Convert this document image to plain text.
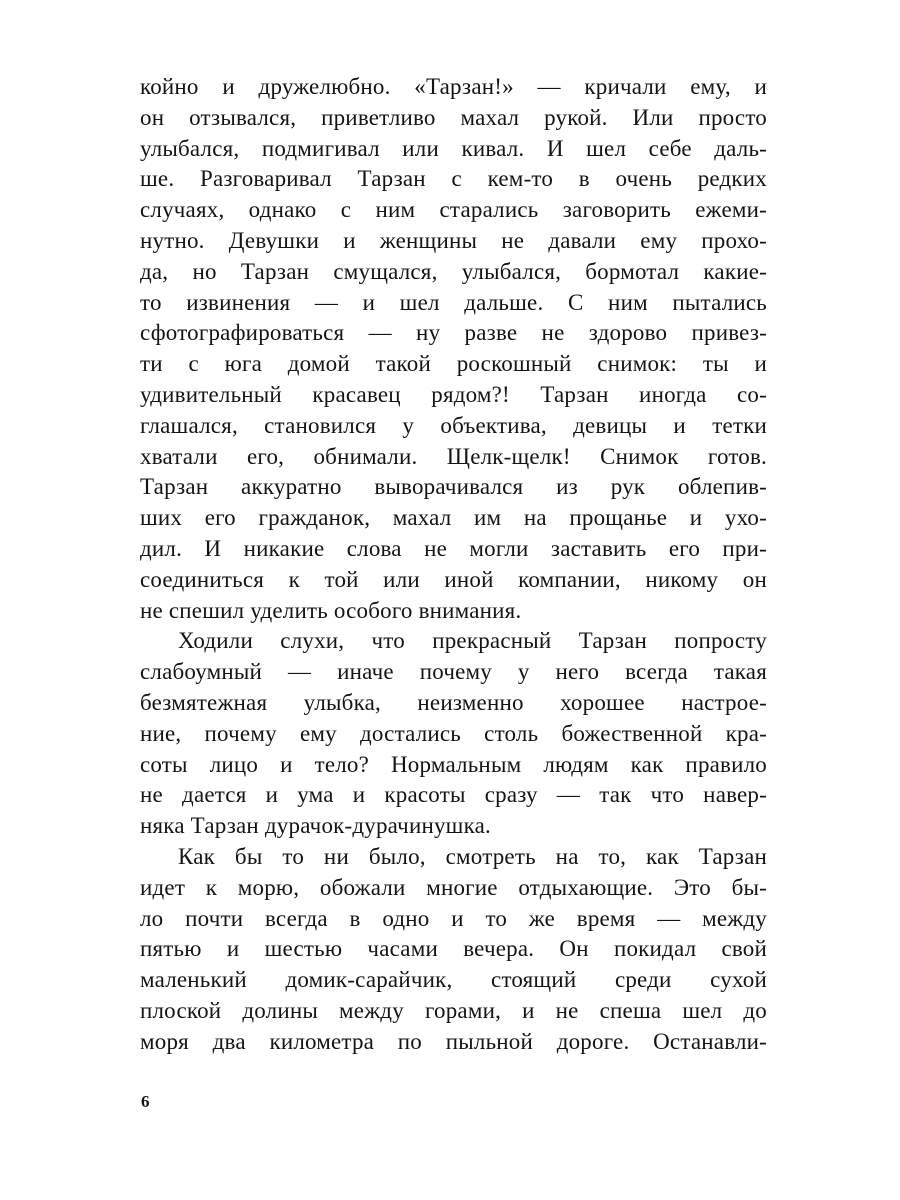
койно и дружелюбно. «Тарзан!» — кричали ему, и
он отзывался, приветливо махал рукой. Или просто
улыбался, подмигивал или кивал. И шел себе даль-
ше. Разговаривал Тарзан с кем-то в очень редких
случаях, однако с ним старались заговорить ежеми-
нутно. Девушки и женщины не давали ему прохо-
да, но Тарзан смущался, улыбался, бормотал какие-
то извинения — и шел дальше. С ним пытались
сфотографироваться — ну разве не здорово привез-
ти с юга домой такой роскошный снимок: ты и
удивительный красавец рядом?! Тарзан иногда со-
глашался, становился у объектива, девицы и тетки
хватали его, обнимали. Щелк-щелк! Снимок готов.
Тарзан аккуратно выворачивался из рук облепив-
ших его гражданок, махал им на прощанье и ухо-
дил. И никакие слова не могли заставить его при-
соединиться к той или иной компании, никому он
не спешил уделить особого внимания.
Ходили слухи, что прекрасный Тарзан попросту
слабоумный — иначе почему у него всегда такая
безмятежная улыбка, неизменно хорошее настрое-
ние, почему ему достались столь божественной кра-
соты лицо и тело? Нормальным людям как правило
не дается и ума и красоты сразу — так что навер-
няка Тарзан дурачок-дурачинушка.
Как бы то ни было, смотреть на то, как Тарзан
идет к морю, обожали многие отдыхающие. Это бы-
ло почти всегда в одно и то же время — между
пятью и шестью часами вечера. Он покидал свой
маленький домик-сарайчик, стоящий среди сухой
плоской долины между горами, и не спеша шел до
моря два километра по пыльной дороге. Останавли-
6
